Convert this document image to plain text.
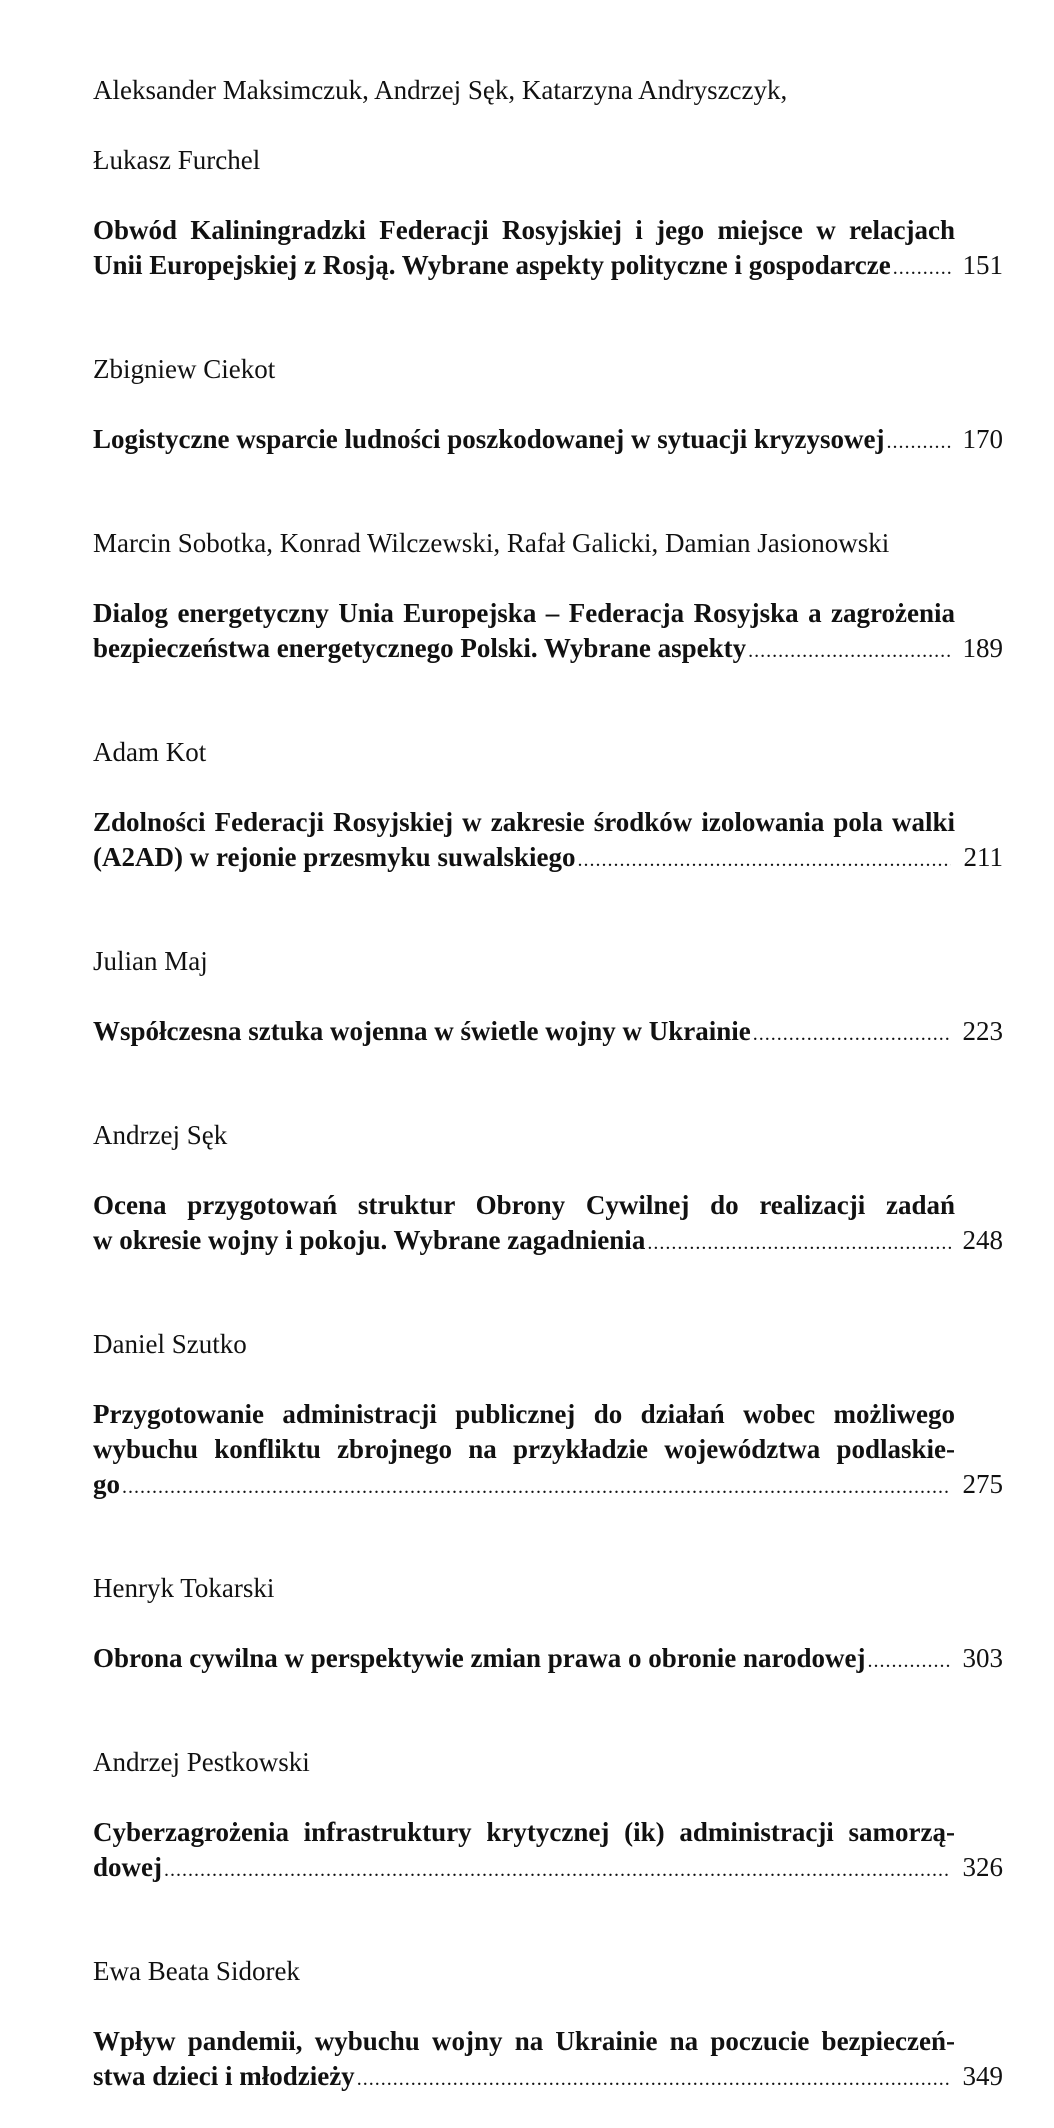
Aleksander Maksimczuk, Andrzej Sęk, Katarzyna Andryszczyk,

Łukasz Furchel

Obwód Kaliningradzki Federacji Rosyjskiej i jego miejsce w relacjach
Unii Europejskiej z Rosją. Wybrane aspekty polityczne i gospodarcze .....	151

Zbigniew Ciekot

Logistyczne wsparcie ludności poszkodowanej w sytuacji kryzysowej .....	170

Marcin Sobotka, Konrad Wilczewski, Rafał Galicki, Damian Jasionowski

Dialog energetyczny Unia Europejska – Federacja Rosyjska a zagrożenia
bezpieczeństwa energetycznego Polski. Wybrane aspekty .....	189

Adam Kot

Zdolności Federacji Rosyjskiej w zakresie środków izolowania pola walki
(A2AD) w rejonie przesmyku suwalskiego .....	211

Julian Maj

Współczesna sztuka wojenna w świetle wojny w Ukrainie .....	223

Andrzej Sęk

Ocena przygotowań struktur Obrony Cywilnej do realizacji zadań
w okresie wojny i pokoju. Wybrane zagadnienia .....	248

Daniel Szutko

Przygotowanie administracji publicznej do działań wobec możliwego
wybuchu konfliktu zbrojnego na przykładzie województwa podlaskie-
go .....	275

Henryk Tokarski

Obrona cywilna w perspektywie zmian prawa o obronie narodowej .....	303

Andrzej Pestkowski

Cyberzagrożenia infrastruktury krytycznej (ik) administracji samorzą-
dowej .....	326

Ewa Beata Sidorek

Wpływ pandemii, wybuchu wojny na Ukrainie na poczucie bezpieczeń-
stwa dzieci i młodzieży .....	349
